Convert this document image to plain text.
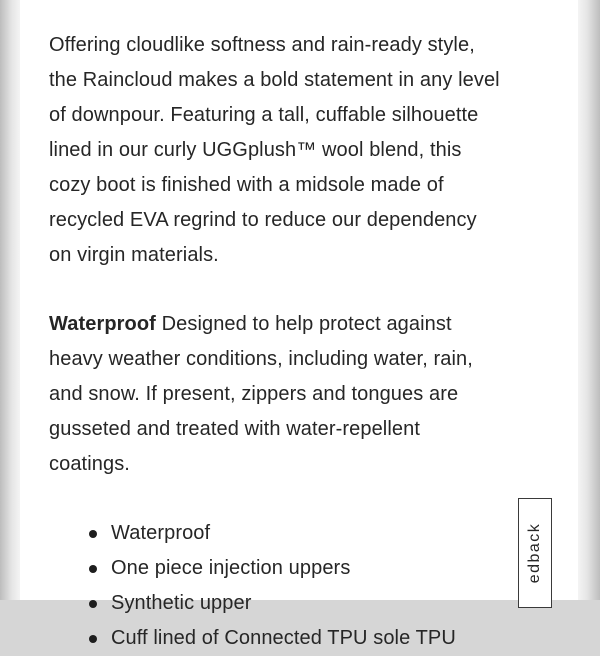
Offering cloudlike softness and rain-ready style,
the Raincloud makes a bold statement in any level
of downpour. Featuring a tall, cuffable silhouette
lined in our curly UGGplush™ wool blend, this
cozy boot is finished with a midsole made of
recycled EVA regrind to reduce our dependency
on virgin materials.

Waterproof Designed to help protect against
heavy weather conditions, including water, rain,
and snow. If present, zippers and tongues are
gusseted and treated with water-repellent
coatings.

Waterproof
One piece injection uppers
Synthetic upper
Cuff lined of Connected TPU sole TPU
edback
